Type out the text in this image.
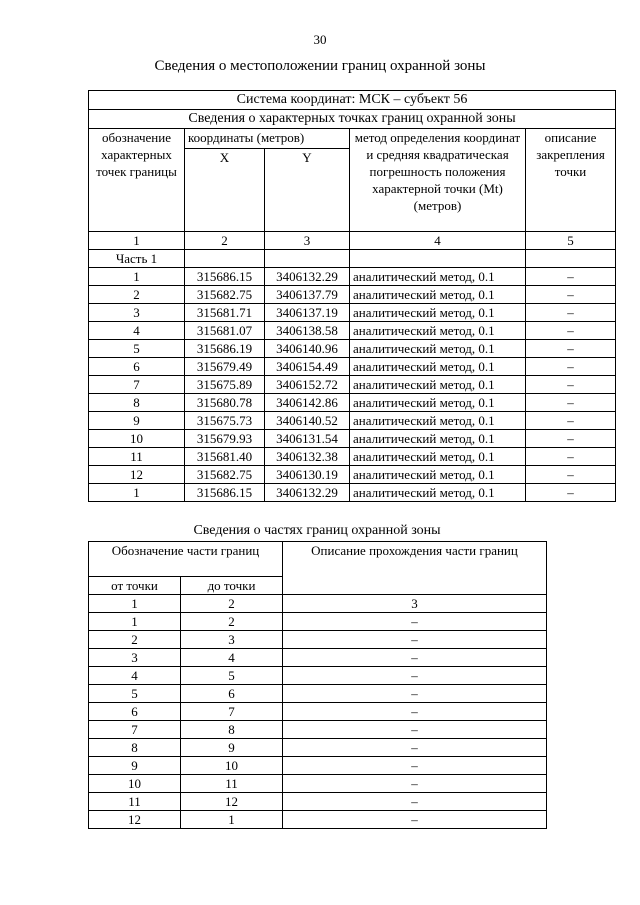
30
Сведения о местоположении границ охранной зоны
Система координат: МСК – субъект 56				
Сведения о характерных точках границ охранной зоны				
обозначение характерных точек границы	координаты (метров)		метод определения координат и средняя квадратическая погрешность положения характерной точки (Mt) (метров)	описание закрепления точки
	X	Y		
1	2	3	4	5
Часть 1				
1	315686.15	3406132.29	аналитический метод, 0.1	–
2	315682.75	3406137.79	аналитический метод, 0.1	–
3	315681.71	3406137.19	аналитический метод, 0.1	–
4	315681.07	3406138.58	аналитический метод, 0.1	–
5	315686.19	3406140.96	аналитический метод, 0.1	–
6	315679.49	3406154.49	аналитический метод, 0.1	–
7	315675.89	3406152.72	аналитический метод, 0.1	–
8	315680.78	3406142.86	аналитический метод, 0.1	–
9	315675.73	3406140.52	аналитический метод, 0.1	–
10	315679.93	3406131.54	аналитический метод, 0.1	–
11	315681.40	3406132.38	аналитический метод, 0.1	–
12	315682.75	3406130.19	аналитический метод, 0.1	–
1	315686.15	3406132.29	аналитический метод, 0.1	–
Сведения о частях границ охранной зоны
Обозначение части границ		Описание прохождения части границ
от точки	до точки	
1	2	3
1	2	–
2	3	–
3	4	–
4	5	–
5	6	–
6	7	–
7	8	–
8	9	–
9	10	–
10	11	–
11	12	–
12	1	–
